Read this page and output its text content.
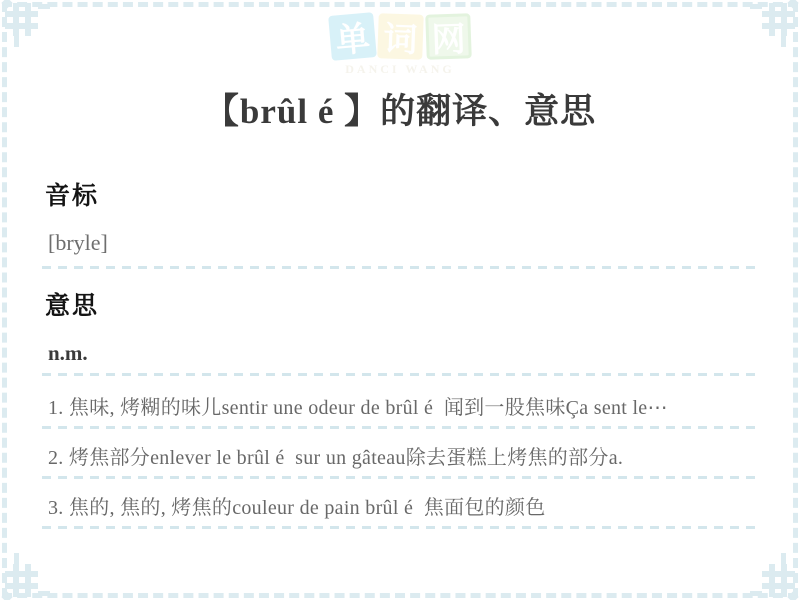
单 词 网
DANCI WANG
【brûl é 】的翻译、意思
音标
[bryle]
意思
n.m.
1. 焦味, 烤糊的味儿sentir une odeur de brûl é  闻到一股焦味Ça sent le⋯
2. 烤焦部分enlever le brûl é  sur un gâteau除去蛋糕上烤焦的部分a.
3. 焦的, 焦的, 烤焦的couleur de pain brûl é  焦面包的颜色
